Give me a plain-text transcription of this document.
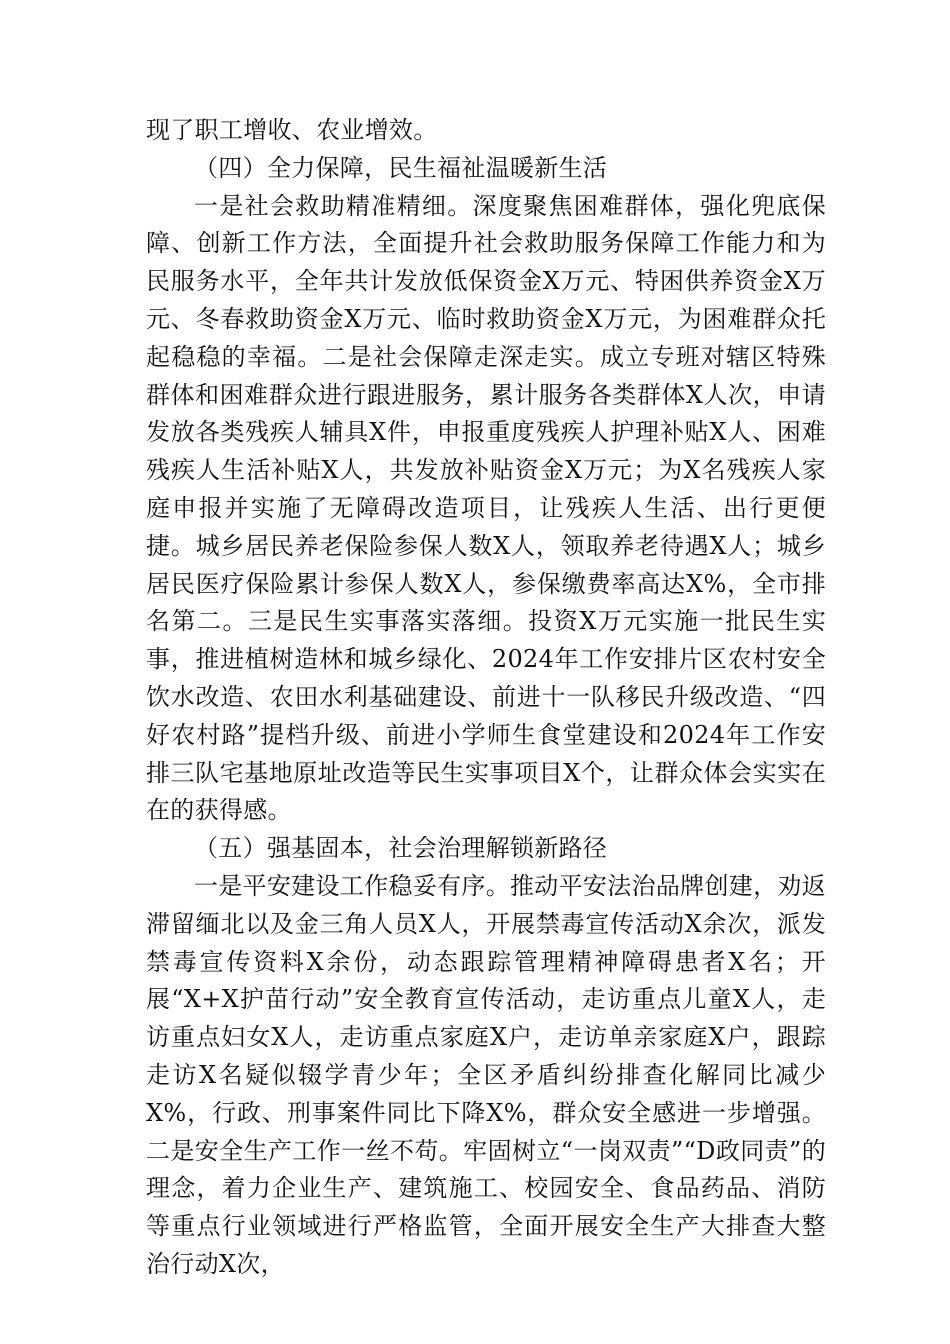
现了职工增收、农业增效。

（四）全力保障，民生福祉温暖新生活

一是社会救助精准精细。深度聚焦困难群体，强化兜底保障、创新工作方法，全面提升社会救助服务保障工作能力和为民服务水平，全年共计发放低保资金X万元、特困供养资金X万元、冬春救助资金X万元、临时救助资金X万元，为困难群众托起稳稳的幸福。二是社会保障走深走实。成立专班对辖区特殊群体和困难群众进行跟进服务，累计服务各类群体X人次，申请发放各类残疾人辅具X件，申报重度残疾人护理补贴X人、困难残疾人生活补贴X人，共发放补贴资金X万元；为X名残疾人家庭申报并实施了无障碍改造项目，让残疾人生活、出行更便捷。城乡居民养老保险参保人数X人，领取养老待遇X人；城乡居民医疗保险累计参保人数X人，参保缴费率高达X%，全市排名第二。三是民生实事落实落细。投资X万元实施一批民生实事，推进植树造林和城乡绿化、2024年工作安排片区农村安全饮水改造、农田水利基础建设、前进十一队移民升级改造、“四好农村路”提档升级、前进小学师生食堂建设和2024年工作安排三队宅基地原址改造等民生实事项目X个，让群众体会实实在在的获得感。

（五）强基固本，社会治理解锁新路径

一是平安建设工作稳妥有序。推动平安法治品牌创建，劝返滞留缅北以及金三角人员X人，开展禁毒宣传活动X余次，派发禁毒宣传资料X余份，动态跟踪管理精神障碍患者X名；开展“X+X护苗行动”安全教育宣传活动，走访重点儿童X人，走访重点妇女X人，走访重点家庭X户，走访单亲家庭X户，跟踪走访X名疑似辍学青少年；全区矛盾纠纷排查化解同比减少X%，行政、刑事案件同比下降X%，群众安全感进一步增强。二是安全生产工作一丝不苟。牢固树立“一岗双责”“D政同责”的理念，着力企业生产、建筑施工、校园安全、食品药品、消防等重点行业领域进行严格监管，全面开展安全生产大排查大整治行动X次，
